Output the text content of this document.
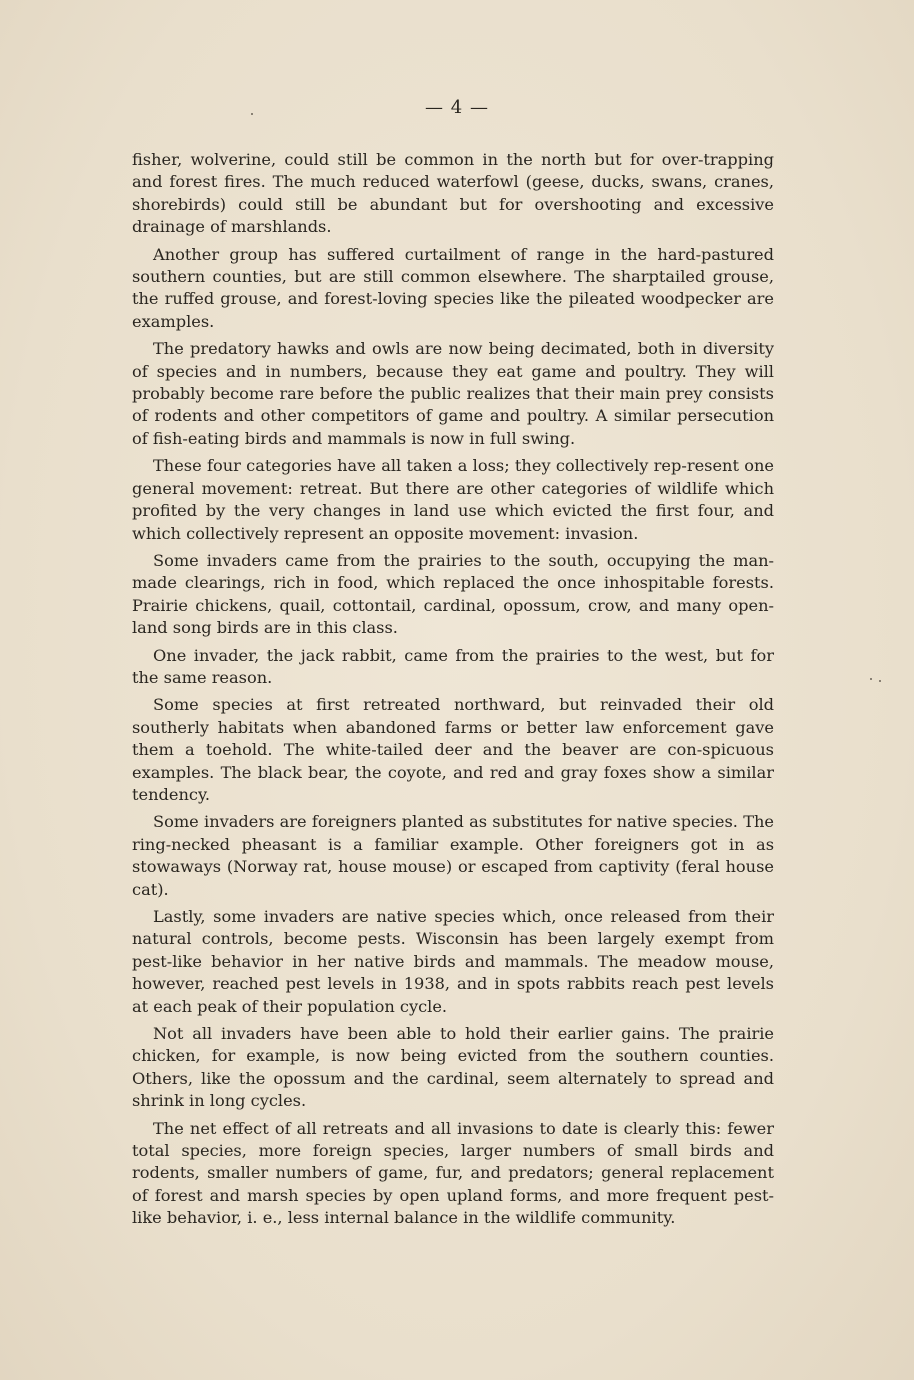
— 4 —

fisher, wolverine, could still be common in the north but for over-trapping and forest fires. The much reduced waterfowl (geese, ducks, swans, cranes, shorebirds) could still be abundant but for overshooting and excessive drainage of marshlands.

Another group has suffered curtailment of range in the hard-pastured southern counties, but are still common elsewhere. The sharptailed grouse, the ruffed grouse, and forest-loving species like the pileated woodpecker are examples.

The predatory hawks and owls are now being decimated, both in diversity of species and in numbers, because they eat game and poultry. They will probably become rare before the public realizes that their main prey consists of rodents and other competitors of game and poultry. A similar persecution of fish-eating birds and mammals is now in full swing.

These four categories have all taken a loss; they collectively rep-resent one general movement: retreat. But there are other categories of wildlife which profited by the very changes in land use which evicted the first four, and which collectively represent an opposite movement: invasion.

Some invaders came from the prairies to the south, occupying the man-made clearings, rich in food, which replaced the once inhospitable forests. Prairie chickens, quail, cottontail, cardinal, opossum, crow, and many open-land song birds are in this class.

One invader, the jack rabbit, came from the prairies to the west, but for the same reason.

Some species at first retreated northward, but reinvaded their old southerly habitats when abandoned farms or better law enforcement gave them a toehold. The white-tailed deer and the beaver are con-spicuous examples. The black bear, the coyote, and red and gray foxes show a similar tendency.

Some invaders are foreigners planted as substitutes for native species. The ring-necked pheasant is a familiar example. Other foreigners got in as stowaways (Norway rat, house mouse) or escaped from captivity (feral house cat).

Lastly, some invaders are native species which, once released from their natural controls, become pests. Wisconsin has been largely exempt from pest-like behavior in her native birds and mammals. The meadow mouse, however, reached pest levels in 1938, and in spots rabbits reach pest levels at each peak of their population cycle.

Not all invaders have been able to hold their earlier gains. The prairie chicken, for example, is now being evicted from the southern counties. Others, like the opossum and the cardinal, seem alternately to spread and shrink in long cycles.

The net effect of all retreats and all invasions to date is clearly this: fewer total species, more foreign species, larger numbers of small birds and rodents, smaller numbers of game, fur, and predators; general replacement of forest and marsh species by open upland forms, and more frequent pest-like behavior, i. e., less internal balance in the wildlife community.
